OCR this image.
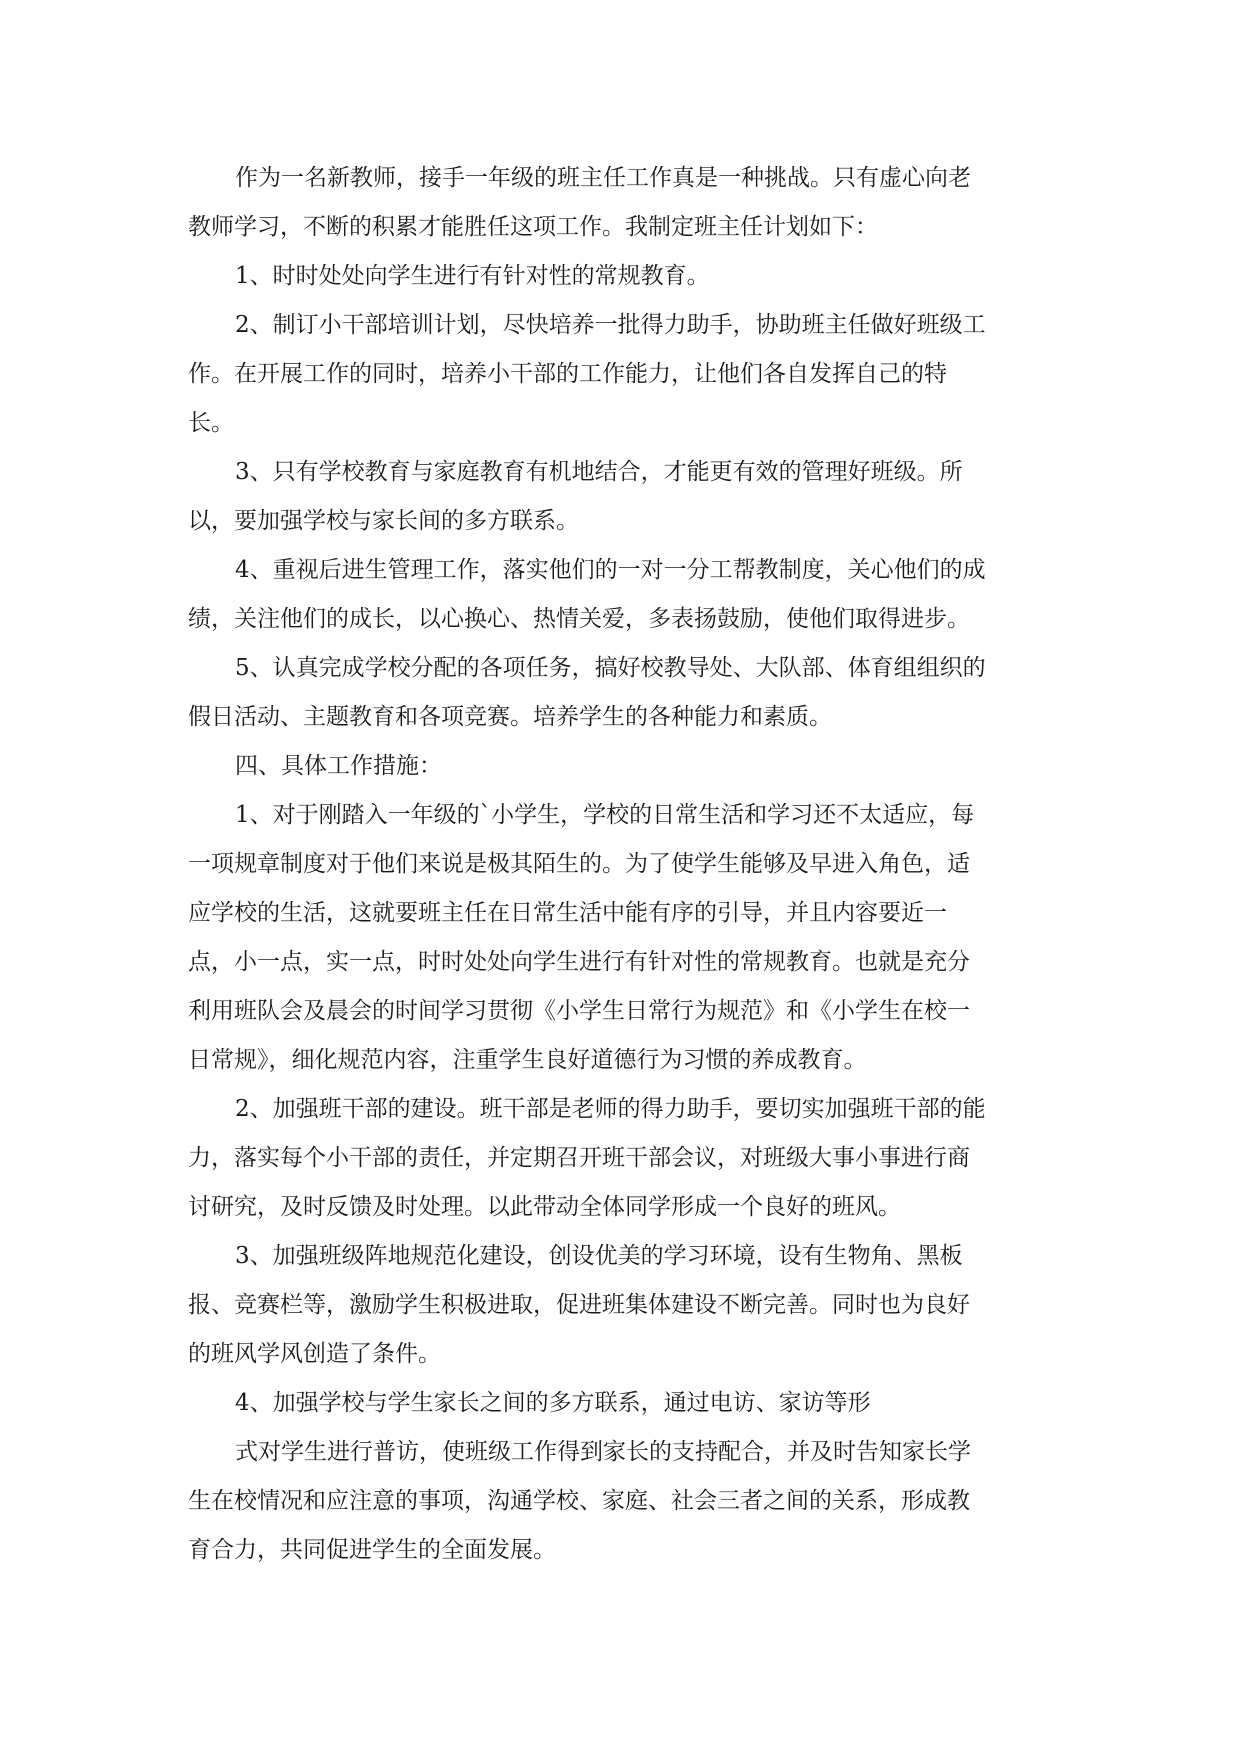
作为一名新教师，接手一年级的班主任工作真是一种挑战。只有虚心向老
教师学习，不断的积累才能胜任这项工作。我制定班主任计划如下：
1、时时处处向学生进行有针对性的常规教育。
2、制订小干部培训计划，尽快培养一批得力助手，协助班主任做好班级工
作。在开展工作的同时，培养小干部的工作能力，让他们各自发挥自己的特
长。
3、只有学校教育与家庭教育有机地结合，才能更有效的管理好班级。所
以，要加强学校与家长间的多方联系。
4、重视后进生管理工作，落实他们的一对一分工帮教制度，关心他们的成
绩，关注他们的成长，以心换心、热情关爱，多表扬鼓励，使他们取得进步。
5、认真完成学校分配的各项任务，搞好校教导处、大队部、体育组组织的
假日活动、主题教育和各项竞赛。培养学生的各种能力和素质。
四、具体工作措施：
1、对于刚踏入一年级的`小学生，学校的日常生活和学习还不太适应，每
一项规章制度对于他们来说是极其陌生的。为了使学生能够及早进入角色，适
应学校的生活，这就要班主任在日常生活中能有序的引导，并且内容要近一
点，小一点，实一点，时时处处向学生进行有针对性的常规教育。也就是充分
利用班队会及晨会的时间学习贯彻《小学生日常行为规范》和《小学生在校一
日常规》，细化规范内容，注重学生良好道德行为习惯的养成教育。
2、加强班干部的建设。班干部是老师的得力助手，要切实加强班干部的能
力，落实每个小干部的责任，并定期召开班干部会议，对班级大事小事进行商
讨研究，及时反馈及时处理。以此带动全体同学形成一个良好的班风。
3、加强班级阵地规范化建设，创设优美的学习环境，设有生物角、黑板
报、竞赛栏等，激励学生积极进取，促进班集体建设不断完善。同时也为良好
的班风学风创造了条件。
4、加强学校与学生家长之间的多方联系，通过电访、家访等形
式对学生进行普访，使班级工作得到家长的支持配合，并及时告知家长学
生在校情况和应注意的事项，沟通学校、家庭、社会三者之间的关系，形成教
育合力，共同促进学生的全面发展。
